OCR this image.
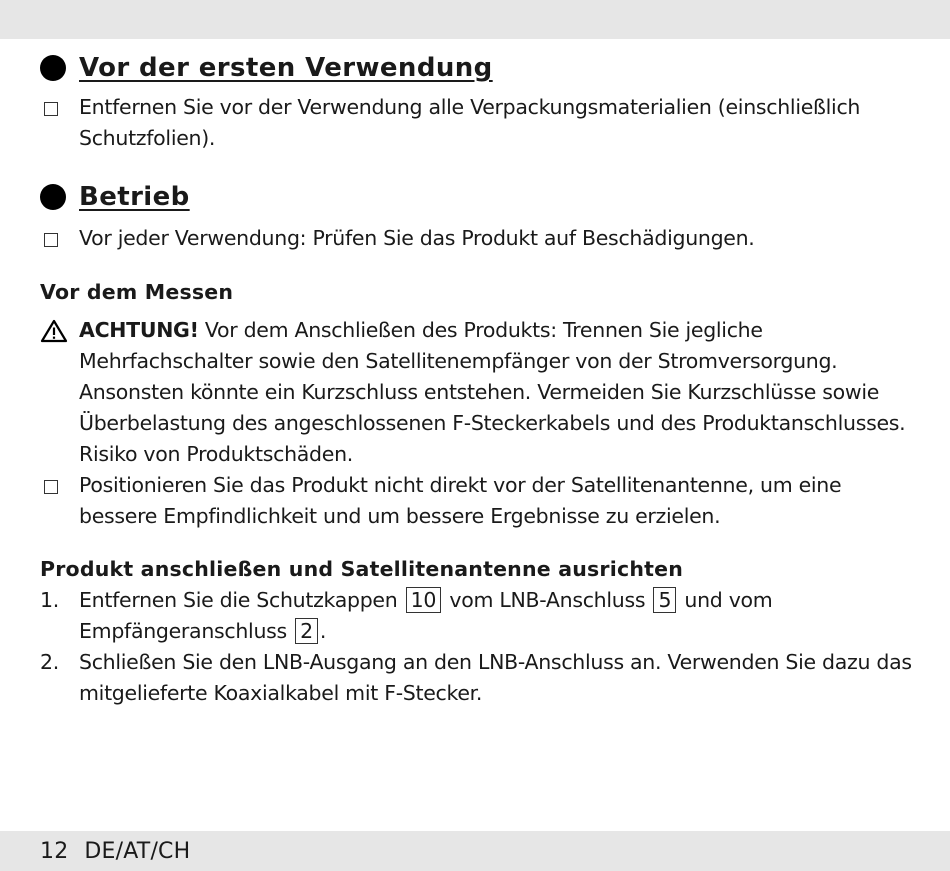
Vor der ersten Verwendung
Entfernen Sie vor der Verwendung alle Verpackungsmaterialien (einschließlich Schutzfolien).
Betrieb
Vor jeder Verwendung: Prüfen Sie das Produkt auf Beschädigungen.
Vor dem Messen
ACHTUNG! Vor dem Anschließen des Produkts: Trennen Sie jegliche Mehrfachschalter sowie den Satellitenempfänger von der Stromversorgung. Ansonsten könnte ein Kurzschluss entstehen. Vermeiden Sie Kurzschlüsse sowie Überbelastung des angeschlossenen F-Steckerkabels und des Produktanschlusses. Risiko von Produktschäden.
Positionieren Sie das Produkt nicht direkt vor der Satellitenantenne, um eine bessere Empfindlichkeit und um bessere Ergebnisse zu erzielen.
Produkt anschließen und Satellitenantenne ausrichten
1. Entfernen Sie die Schutzkappen 10 vom LNB-Anschluss 5 und vom Empfängeranschluss 2 .
2. Schließen Sie den LNB-Ausgang an den LNB-Anschluss an. Verwenden Sie dazu das mitgelieferte Koaxialkabel mit F-Stecker.
12 DE/AT/CH
